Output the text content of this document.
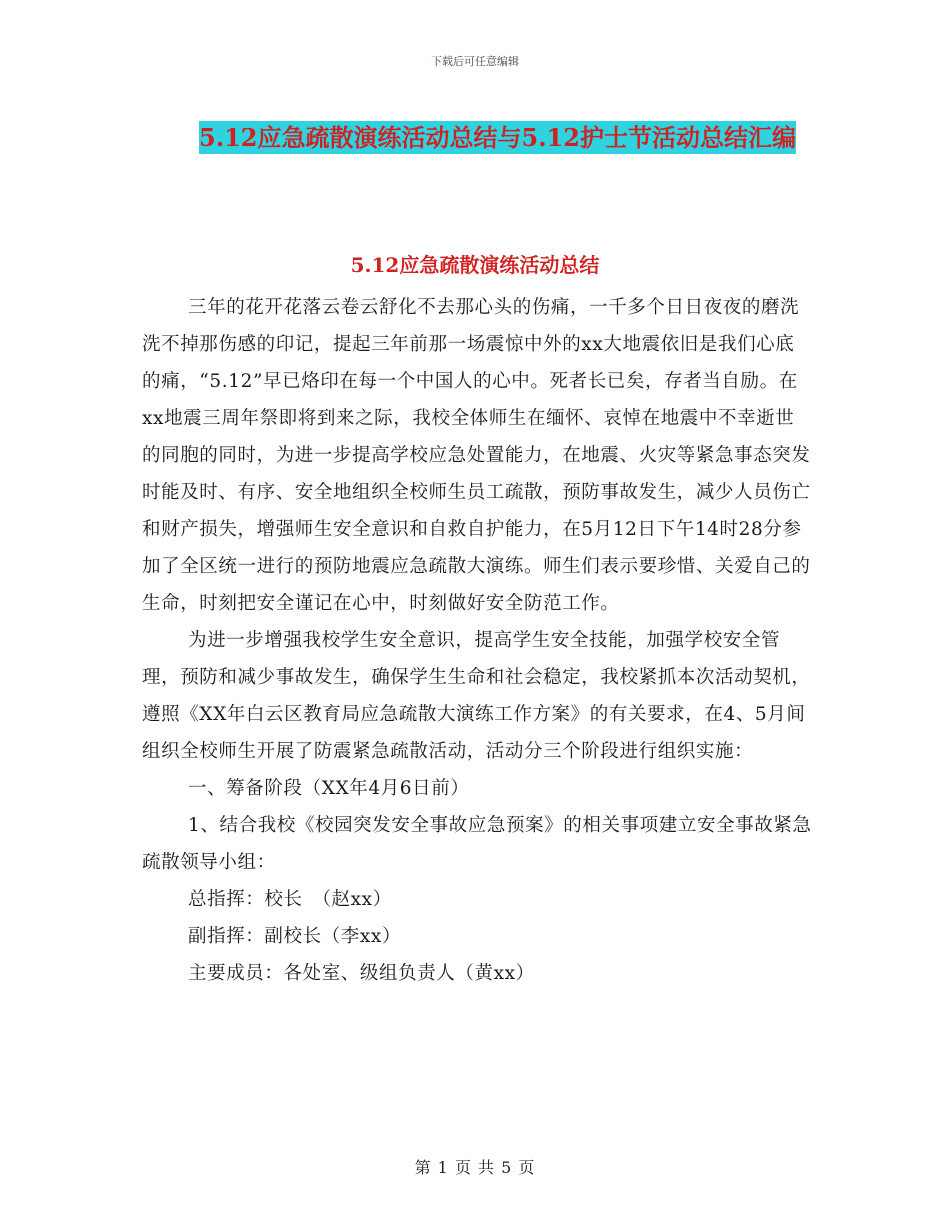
下载后可任意编辑
5.12应急疏散演练活动总结与5.12护士节活动总结汇编
5.12应急疏散演练活动总结

三年的花开花落云卷云舒化不去那心头的伤痛，一千多个日日夜夜的磨洗洗不掉那伤感的印记，提起三年前那一场震惊中外的xx大地震依旧是我们心底的痛，“5.12”早已烙印在每一个中国人的心中。死者长已矣，存者当自励。在xx地震三周年祭即将到来之际，我校全体师生在缅怀、哀悼在地震中不幸逝世的同胞的同时，为进一步提高学校应急处置能力，在地震、火灾等紧急事态突发时能及时、有序、安全地组织全校师生员工疏散，预防事故发生，减少人员伤亡和财产损失，增强师生安全意识和自救自护能力，在5月12日下午14时28分参加了全区统一进行的预防地震应急疏散大演练。师生们表示要珍惜、关爱自己的生命，时刻把安全谨记在心中，时刻做好安全防范工作。

为进一步增强我校学生安全意识，提高学生安全技能，加强学校安全管理，预防和减少事故发生，确保学生生命和社会稳定，我校紧抓本次活动契机，遵照《XX年白云区教育局应急疏散大演练工作方案》的有关要求，在4、5月间组织全校师生开展了防震紧急疏散活动，活动分三个阶段进行组织实施：

一、筹备阶段（XX年4月6日前）

1、结合我校《校园突发安全事故应急预案》的相关事项建立安全事故紧急疏散领导小组：

总指挥：校长　（赵xx）

副指挥：副校长（李xx）

主要成员：各处室、级组负责人（黄xx）

第 1 页 共 5 页
